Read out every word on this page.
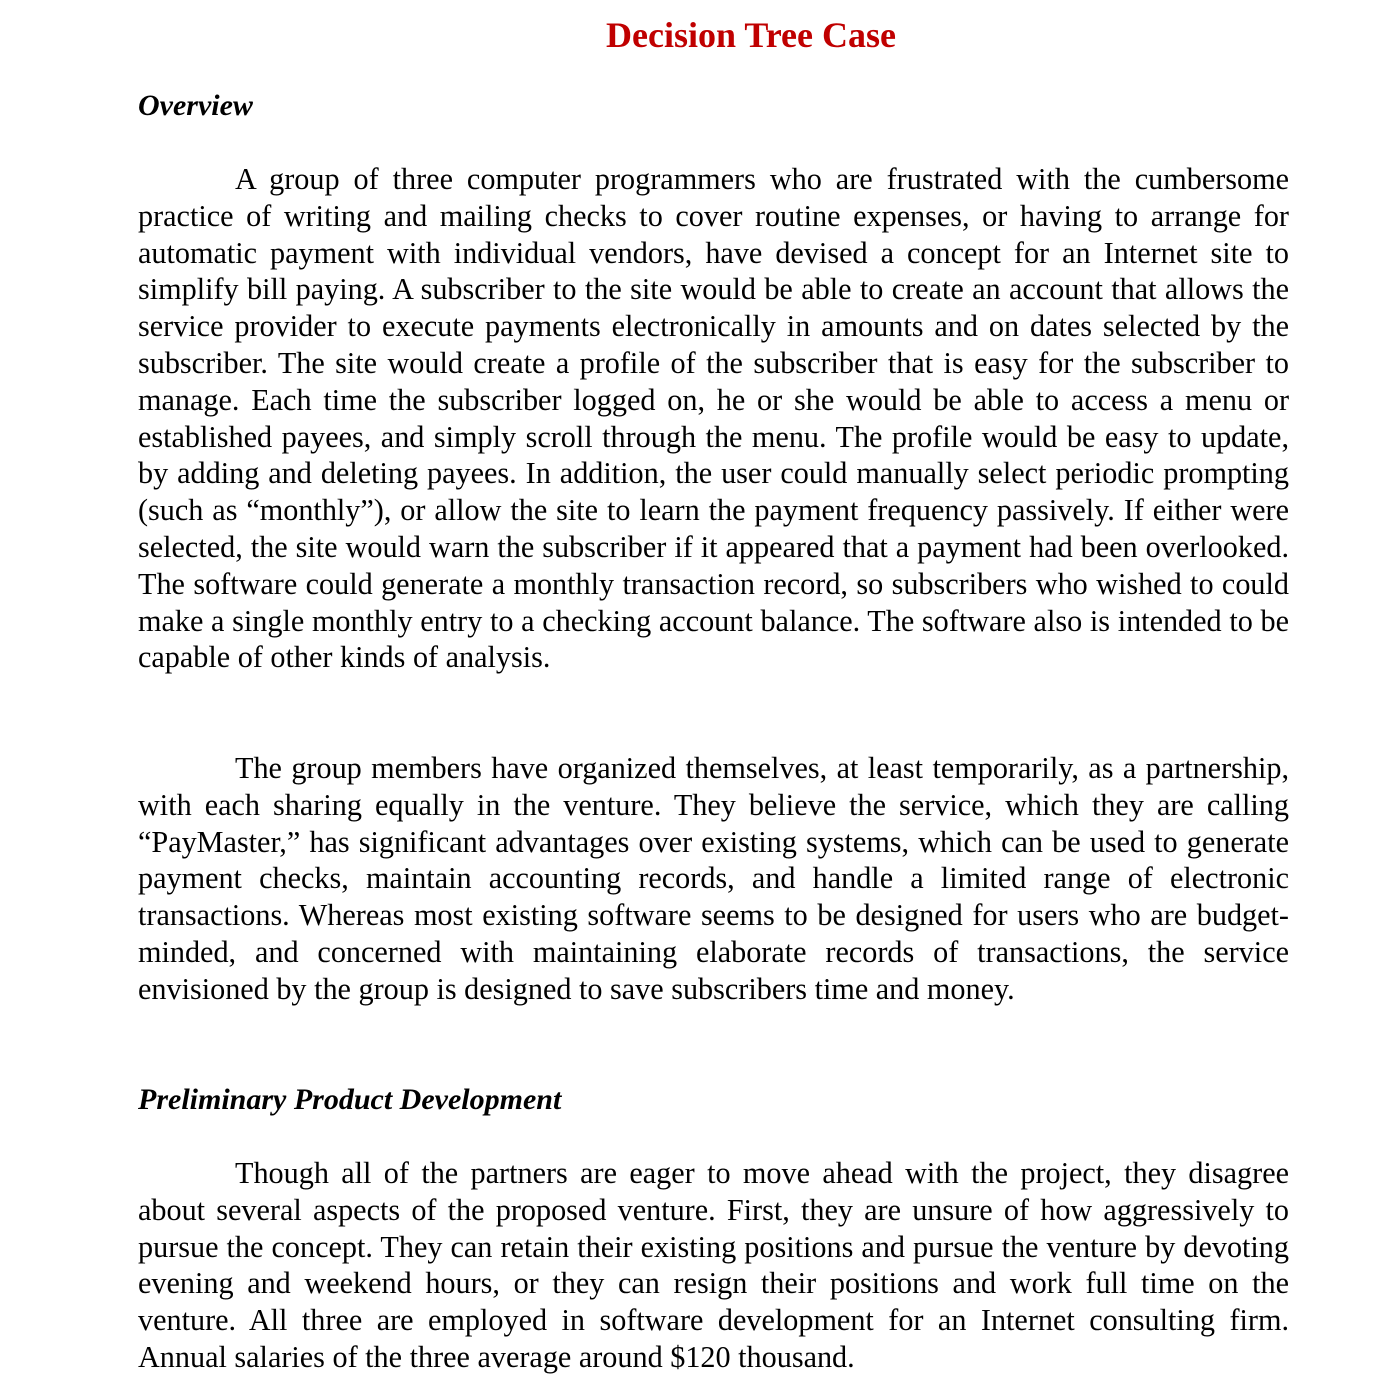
Decision Tree Case
Overview

A group of three computer programmers who are frustrated with the cumbersome practice of writing and mailing checks to cover routine expenses, or having to arrange for automatic payment with individual vendors, have devised a concept for an Internet site to simplify bill paying. A subscriber to the site would be able to create an account that allows the service provider to execute payments electronically in amounts and on dates selected by the subscriber. The site would create a profile of the subscriber that is easy for the subscriber to manage. Each time the subscriber logged on, he or she would be able to access a menu or established payees, and simply scroll through the menu. The profile would be easy to update, by adding and deleting payees. In addition, the user could manually select periodic prompting (such as “monthly”), or allow the site to learn the payment frequency passively. If either were selected, the site would warn the subscriber if it appeared that a payment had been overlooked. The software could generate a monthly transaction record, so subscribers who wished to could make a single monthly entry to a checking account balance. The software also is intended to be capable of other kinds of analysis.

The group members have organized themselves, at least temporarily, as a partnership, with each sharing equally in the venture. They believe the service, which they are calling “PayMaster,” has significant advantages over existing systems, which can be used to generate payment checks, maintain accounting records, and handle a limited range of electronic transactions. Whereas most existing software seems to be designed for users who are budget-minded, and concerned with maintaining elaborate records of transactions, the service envisioned by the group is designed to save subscribers time and money.

Preliminary Product Development

Though all of the partners are eager to move ahead with the project, they disagree about several aspects of the proposed venture. First, they are unsure of how aggressively to pursue the concept. They can retain their existing positions and pursue the venture by devoting evening and weekend hours, or they can resign their positions and work full time on the venture. All three are employed in software development for an Internet consulting firm. Annual salaries of the three average around $120 thousand.
